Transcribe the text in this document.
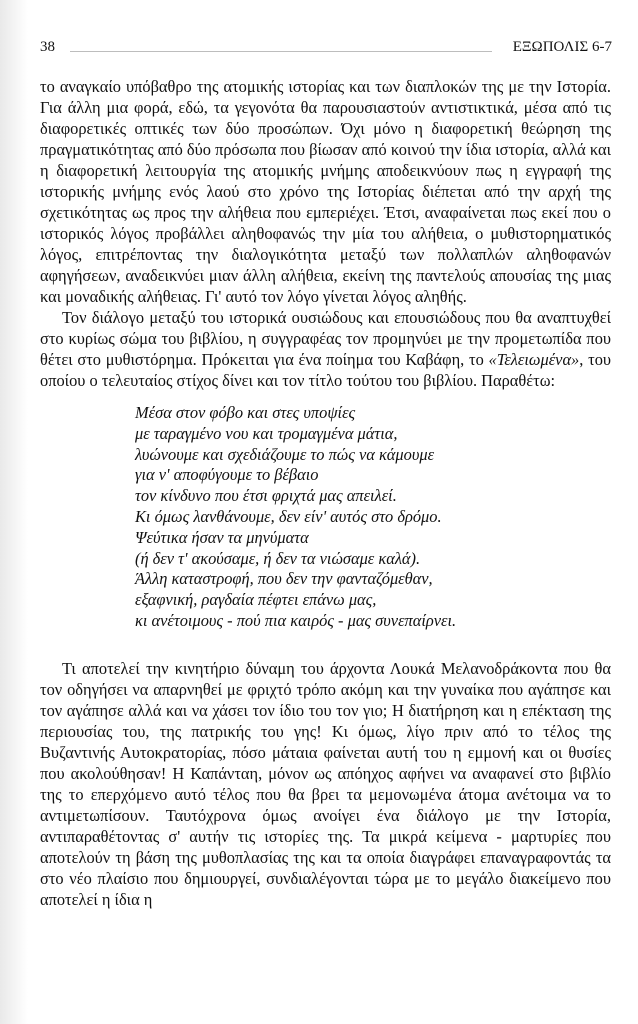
38	ΕΞΩΠΟΛΙΣ 6-7

το αναγκαίο υπόβαθρο της ατομικής ιστορίας και των διαπλοκών της με την Ιστορία. Για άλλη μια φορά, εδώ, τα γεγονότα θα παρουσιαστούν αντιστικτικά, μέσα από τις διαφορετικές οπτικές των δύο προσώπων. Όχι μόνο η διαφορετική θεώρηση της πραγματικότητας από δύο πρόσωπα που βίωσαν από κοινού την ίδια ιστορία, αλλά και η διαφορετική λειτουργία της ατομικής μνήμης αποδεικνύουν πως η εγγραφή της ιστορικής μνήμης ενός λαού στο χρόνο της Ιστορίας διέπεται από την αρχή της σχετικότητας ως προς την αλήθεια που εμπεριέχει. Έτσι, αναφαίνεται πως εκεί που ο ιστορικός λόγος προβάλλει αληθοφανώς την μία του αλήθεια, ο μυθιστορηματικός λόγος, επιτρέποντας την διαλογικότητα μεταξύ των πολλαπλών αληθοφανών αφηγήσεων, αναδεικνύει μιαν άλλη αλήθεια, εκείνη της παντελούς απουσίας της μιας και μοναδικής αλήθειας. Γι' αυτό τον λόγο γίνεται λόγος αληθής.

Τον διάλογο μεταξύ του ιστορικά ουσιώδους και επουσιώδους που θα αναπτυχθεί στο κυρίως σώμα του βιβλίου, η συγγραφέας τον προμηνύει με την προμετωπίδα που θέτει στο μυθιστόρημα. Πρόκειται για ένα ποίημα του Καβάφη, το «Τελειωμένα», του οποίου ο τελευταίος στίχος δίνει και τον τίτλο τούτου του βιβλίου. Παραθέτω:

Μέσα στον φόβο και στες υποψίες
με ταραγμένο νου και τρομαγμένα μάτια,
λυώνουμε και σχεδιάζουμε το πώς να κάμουμε
για ν' αποφύγουμε το βέβαιο
τον κίνδυνο που έτσι φριχτά μας απειλεί.
Κι όμως λανθάνουμε, δεν είν' αυτός στο δρόμο.
Ψεύτικα ήσαν τα μηνύματα
(ή δεν τ' ακούσαμε, ή δεν τα νιώσαμε καλά).
Άλλη καταστροφή, που δεν την φανταζόμεθαν,
εξαφνική, ραγδαία πέφτει επάνω μας,
κι ανέτοιμους - πού πια καιρός - μας συνεπαίρνει.

Τι αποτελεί την κινητήριο δύναμη του άρχοντα Λουκά Μελανοδράκοντα που θα τον οδηγήσει να απαρνηθεί με φριχτό τρόπο ακόμη και την γυναίκα που αγάπησε και τον αγάπησε αλλά και να χάσει τον ίδιο του τον γιο; Η διατήρηση και η επέκταση της περιουσίας του, της πατρικής του γης! Κι όμως, λίγο πριν από το τέλος της Βυζαντινής Αυτοκρατορίας, πόσο μάταια φαίνεται αυτή του η εμμονή και οι θυσίες που ακολούθησαν! Η Καπάνταη, μόνον ως απόηχος αφήνει να αναφανεί στο βιβλίο της το επερχόμενο αυτό τέλος που θα βρει τα μεμονωμένα άτομα ανέτοιμα να το αντιμετωπίσουν. Ταυτόχρονα όμως ανοίγει ένα διάλογο με την Ιστορία, αντιπαραθέτοντας σ' αυτήν τις ιστορίες της. Τα μικρά κείμενα - μαρτυρίες που αποτελούν τη βάση της μυθοπλασίας της και τα οποία διαγράφει επαναγραφοντάς τα στο νέο πλαίσιο που δημιουργεί, συνδιαλέγονται τώρα με το μεγάλο διακείμενο που αποτελεί η ίδια η
